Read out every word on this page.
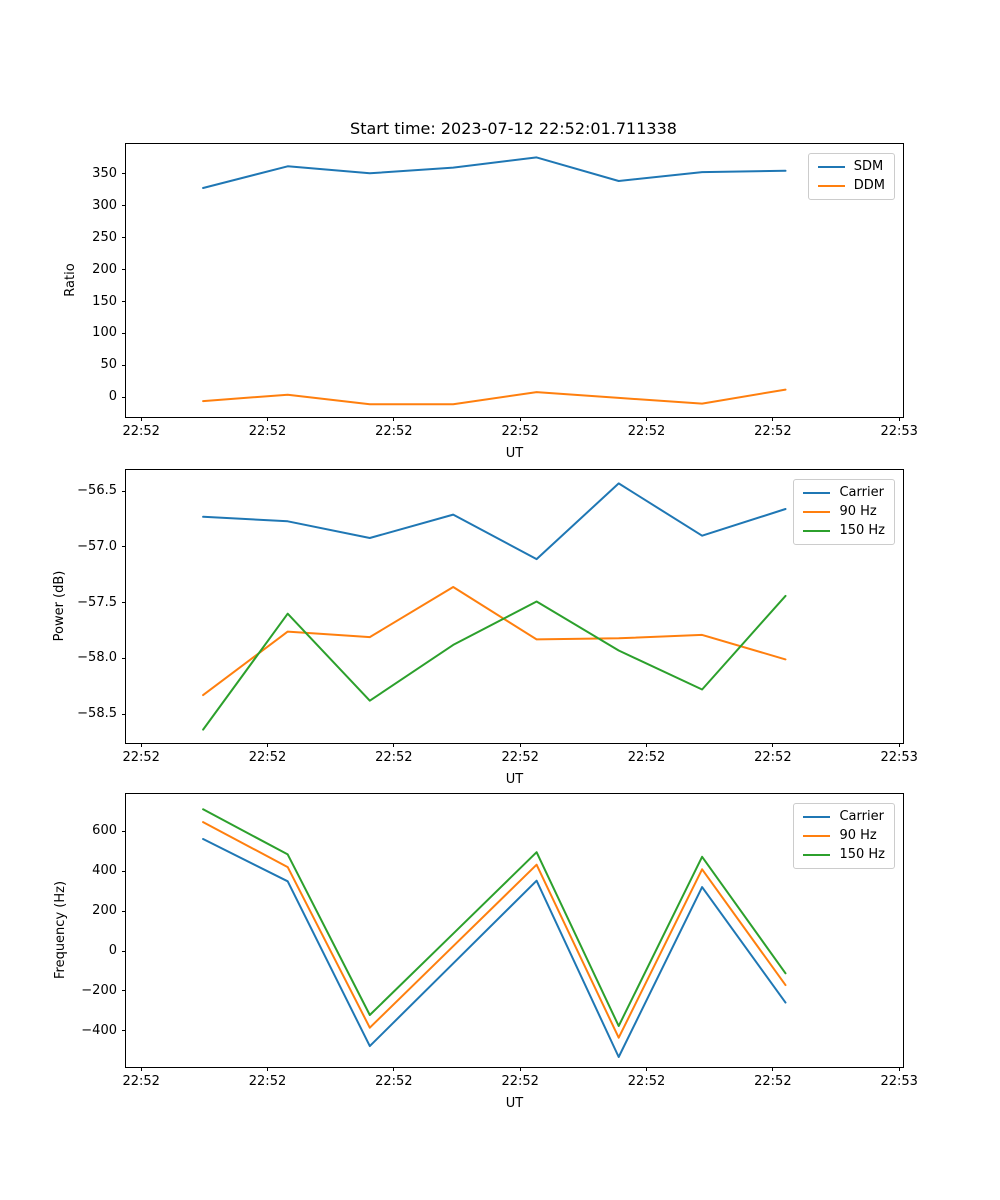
Start time: 2023-07-12 22:52:01.711338
22:52	22:52	22:52	22:52	22:52	22:52	22:53
0
50
100
150
200
250
300
350
UT
SDM
DDM
22:52	22:52	22:52	22:52	22:52	22:52	22:53
−56.5
−57.0
−57.5
−58.0
−58.5
UT
Carrier
90 Hz
150 Hz
22:52	22:52	22:52	22:52	22:52	22:52	22:53
−400
−200
0
200
400
600
UT
Carrier
90 Hz
150 Hz
Ratio
Power (dB)
Frequency (Hz)
